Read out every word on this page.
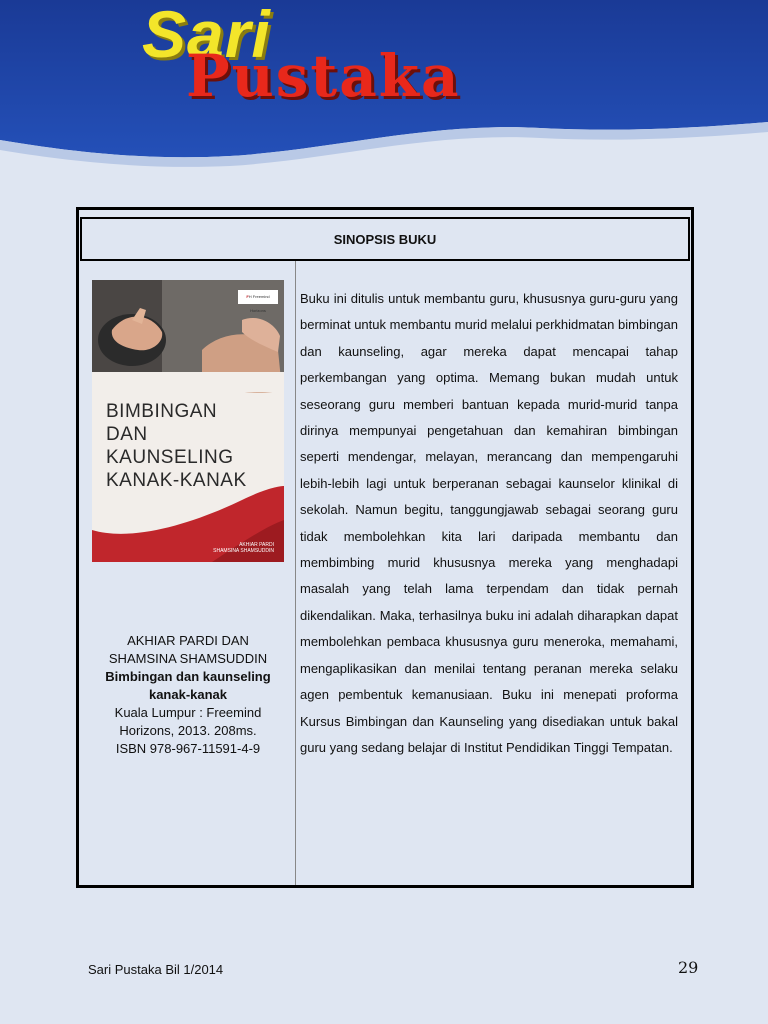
Sari
Pustaka
SINOPSIS BUKU
FH Freemind Horizons
BIMBINGAN
DAN
KAUNSELING
KANAK-KANAK
AKHIAR PARDI
SHAMSINA SHAMSUDDIN
AKHIAR PARDI DAN
SHAMSINA SHAMSUDDIN
Bimbingan dan kaunseling
kanak-kanak
Kuala Lumpur : Freemind
Horizons, 2013. 208ms.
ISBN 978-967-11591-4-9

Buku ini ditulis untuk membantu guru, khususnya guru-guru yang berminat untuk membantu murid melalui perkhidmatan bimbingan dan kaunseling, agar mereka dapat mencapai tahap perkembangan yang optima. Memang bukan mudah untuk seseorang guru memberi bantuan kepada murid-murid tanpa dirinya mempunyai pengetahuan dan kemahiran bimbingan seperti mendengar, melayan, merancang dan mempengaruhi lebih-lebih lagi untuk berperanan sebagai kaunselor klinikal di sekolah. Namun begitu, tanggungjawab sebagai seorang guru tidak membolehkan kita lari daripada membantu dan membimbing murid khususnya mereka yang menghadapi masalah yang telah lama terpendam dan tidak pernah dikendalikan. Maka, terhasilnya buku ini adalah diharapkan dapat membolehkan pembaca khususnya guru meneroka, memahami, mengaplikasikan dan menilai tentang peranan mereka selaku agen pembentuk kemanusiaan. Buku ini menepati proforma Kursus Bimbingan dan Kaunseling yang disediakan untuk bakal guru yang sedang belajar di Institut Pendidikan Tinggi Tempatan.

Sari Pustaka Bil 1/2014	29
